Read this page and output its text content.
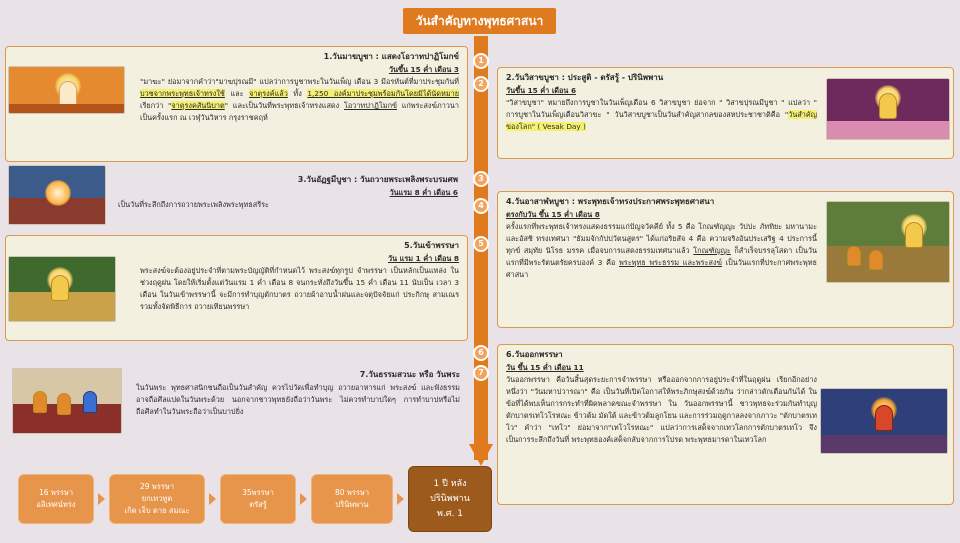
วันสำคัญทางพุทธศาสนา
1
2
3
4
5
6
7
1.วันมาฆบูชา : แสดงโอวาทปาฏิโมกข์
วันขึ้น 15 ค่ำ เดือน 3

"มาฆะ" ย่อมาจากคำว่า"มาฆปุรณมี" แปลว่าการบูชาพระในวันเพ็ญ เดือน 3 มีอรหันต์ที่มาประชุมกันที่บวชจากพระพุทธเจ้าทรงใช้ และ จาตุรงค์แล้ว ทั้ง 1,250 องค์มาประชุมพร้อมกันโดยมิได้นัดหมาย เรียกว่า "จาตุรงคสันนิบาต" และเป็นวันที่พระพุทธเจ้าทรงแสดง โอวาทปาฏิโมกข์ แก่พระสงฆ์ภาวนาเป็นครั้งแรก ณ เวฬุวันวิหาร กรุงราชคฤห์

2.วันวิสาขบูชา : ประสูติ - ตรัสรู้ - ปรินิพพาน
วันขึ้น 15 ค่ำ เดือน 6

"วิสาขบูชา" หมายถึงการบูชาในวันเพ็ญเดือน 6 วิสาขบูชา ย่อจาก " วิสาขปุรณมีบูชา " แปลว่า " การบูชาในวันเพ็ญเดือนวิสาขะ " วันวิสาขบูชาเป็นวันสำคัญสากลของสหประชาชาติคือ "วันสำคัญของโลก" ( Vesak Day )

3.วันอัฏฐมีบูชา : วันถวายพระเพลิงพระบรมศพ
วันแรม 8 ค่ำ เดือน 6

เป็นวันที่ระลึกถึงการถวายพระเพลิงพระพุทธสรีระ	4.วันอาสาฬหบูชา : พระพุทธเจ้าทรงประกาศพระพุทธศาสนา
ตรงกับวัน ขึ้น 15 ค่ำ เดือน 8

ครั้งแรกที่พระพุทธเจ้าทรงแสดงธรรมแก่ปัญจวัคคีย์ ทั้ง 5 คือ โกณฑัญญะ วัปปะ ภัททิยะ มหานามะ และอัสชิ ทรงเทศนา "ธัมมจักกัปปวัตนสูตร" ได้แก่อริยสัจ 4 คือ ความจริงอันประเสริฐ 4 ประการนี้ ทุกข์ สมุทัย นิโรธ มรรค เมื่อจบการแสดงธรรมเทศนาแล้ว โกณฑัญญะ ก็สำเร็จบรรลุโสดา เป็นวันแรกที่มีพระรัตนตรัยครบองค์ 3 คือ พระพุทธ พระธรรม และพระสงฆ์ เป็นวันแรกที่ประกาศพระพุทธศาสนา

5.วันเข้าพรรษา
วัน แรม 1 ค่ำ เดือน 8

พระสงฆ์จะต้องอยู่ประจำที่ตามพระบัญญัติที่กำหนดไว้ พระสงฆ์ทุกรูป จำพรรษา เป็นหลักเป็นแหล่ง ในช่วงฤดูฝน โดยให้เริ่มตั้งแต่วันแรม 1 ค่ำ เดือน 8 จนกระทั่งถึงวันขึ้น 15 ค่ำ เดือน 11 นับเป็น เวลา 3 เดือน ในวันเข้าพรรษานี้ จะมีการทำบุญตักบาตร ถวายผ้าอาบน้ำฝนและจตุปัจจัยแก่ ประกิกษุ สามเณร รวมทั้งจัดพิธีการ ถวายเทียนพรรษา

6.วันออกพรรษา
วัน ขึ้น 15 ค่ำ เดือน 11

วันออกพรรษา คือวันสิ้นสุดระยะการจำพรรษา หรือออกจากการอยู่ประจำที่ในฤดูฝน เรียกอีกอย่างหนึ่งว่า "วันมหาปวารณา" คือ เป็นวันที่เปิดโอกาสให้พระภิกษุสงฆ์ด้วยกัน ว่ากล่าวตักเตือนกันได้ ในข้อที่ได้พบเห็นการกระทำที่ผิดพลาดขณะจำพรรษา ใน วันออกพรรษานี้ ชาวพุทธจะร่วมกันทำบุญตักบาตรเทโวโรหณะ ข้าวต้ม มัดใต้ และข้าวต้มลูกโยน และการร่วมฤดูกาลลงจากภาวะ "ตักบาตรเทโว" คำว่า "เทโว" ย่อมาจาก"เทโวโรหณะ" แปลว่าการเสด็จจากเทวโลกการตักบาตรเทโว จึงเป็นการระลึกถึงวันที่ พระพุทธองค์เสด็จกลับจากการโปรด พระพุทธมารดาในเทวโลก

7.วันธรรมสวนะ หรือ วันพระ

ในวันพระ พุทธศาสนิกชนถือเป็นวันสำคัญ ควรไปวัดเพื่อทำบุญ ถวายอาหารแก่ พระสงฆ์ และฟังธรรม อาจถือศีลแปดในวันพระด้วย นอกจากชาวพุทธยังถือว่าวันพระ ไม่ควรทำบาปใดๆ การทำบาปหรือไม่ถือศีลทำในวันพระถือว่าเป็นบาปยิ่ง

16 พรรษา
อลิเทศน์ทรง
29 พรรษา
ยกเทวทูต
เกิด เจ็บ ตาย สมณะ
35พรรษา
ตรัสรู้
80 พรรษา
ปรินิพพาน
1 ปี หลัง
ปรินิพพาน
พ.ศ. 1
